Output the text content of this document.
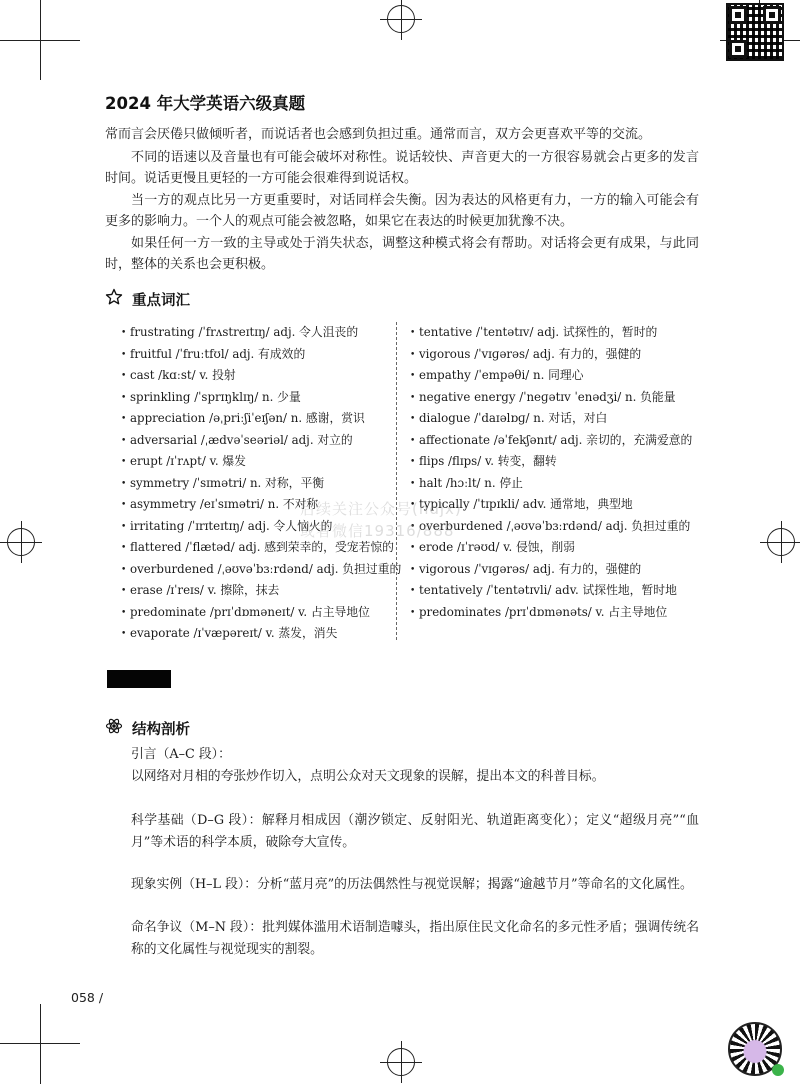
2024 年大学英语六级真题

常而言会厌倦只做倾听者，而说话者也会感到负担过重。通常而言，双方会更喜欢平等的交流。

不同的语速以及音量也有可能会破坏对称性。说话较快、声音更大的一方很容易就会占更多的发言时间。说话更慢且更轻的一方可能会很难得到说话权。

当一方的观点比另一方更重要时，对话同样会失衡。因为表达的风格更有力，一方的输入可能会有更多的影响力。一个人的观点可能会被忽略，如果它在表达的时候更加犹豫不决。

如果任何一方一致的主导或处于消失状态，调整这种模式将会有帮助。对话将会更有成果，与此同时，整体的关系也会更积极。

重点词汇
• frustrating /ˈfrʌstreɪtɪŋ/ adj. 令人沮丧的
• fruitful /ˈfruːtfʊl/ adj. 有成效的
• cast /kɑːst/ v. 投射
• sprinkling /ˈsprɪŋklɪŋ/ n. 少量
• appreciation /əˌpriːʃiˈeɪʃən/ n. 感谢，赏识
• adversarial /ˌædvəˈseəriəl/ adj. 对立的
• erupt /ɪˈrʌpt/ v. 爆发
• symmetry /ˈsɪmətri/ n. 对称，平衡
• asymmetry /eɪˈsɪmətri/ n. 不对称
• irritating /ˈɪrɪteɪtɪŋ/ adj. 令人恼火的
• flattered /ˈflætəd/ adj. 感到荣幸的，受宠若惊的
• overburdened /ˌəʊvəˈbɜːrdənd/ adj. 负担过重的
• erase /ɪˈreɪs/ v. 擦除，抹去
• predominate /prɪˈdɒməneɪt/ v. 占主导地位
• evaporate /ɪˈvæpəreɪt/ v. 蒸发，消失
• tentative /ˈtentətɪv/ adj. 试探性的，暂时的
• vigorous /ˈvɪɡərəs/ adj. 有力的，强健的
• empathy /ˈempəθi/ n. 同理心
• negative energy /ˈneɡətɪv ˈenədʒi/ n. 负能量
• dialogue /ˈdaɪəlɒɡ/ n. 对话，对白
• affectionate /əˈfekʃənɪt/ adj. 亲切的，充满爱意的
• flips /flɪps/ v. 转变，翻转
• halt /hɔːlt/ n. 停止
• typically /ˈtɪpɪkli/ adv. 通常地，典型地
• overburdened /ˌəʊvəˈbɜːrdənd/ adj. 负担过重的
• erode /ɪˈrəʊd/ v. 侵蚀，削弱
• vigorous /ˈvɪɡərəs/ adj. 有力的，强健的
• tentatively /ˈtentətɪvli/ adv. 试探性地，暂时地
• predominates /prɪˈdɒmənəts/ v. 占主导地位
后续关注公众号(hdjx)
或者微信19316/888
结构剖析

引言（A–C 段）：

以网络对月相的夸张炒作切入，点明公众对天文现象的误解，提出本文的科普目标。

科学基础（D–G 段）：解释月相成因（潮汐锁定、反射阳光、轨道距离变化）；定义“超级月亮”“血月”等术语的科学本质，破除夸大宣传。

现象实例（H–L 段）：分析“蓝月亮”的历法偶然性与视觉误解；揭露“逾越节月”等命名的文化属性。

命名争议（M–N 段）：批判媒体滥用术语制造噱头，指出原住民文化命名的多元性矛盾；强调传统名称的文化属性与视觉现实的割裂。

058 /
